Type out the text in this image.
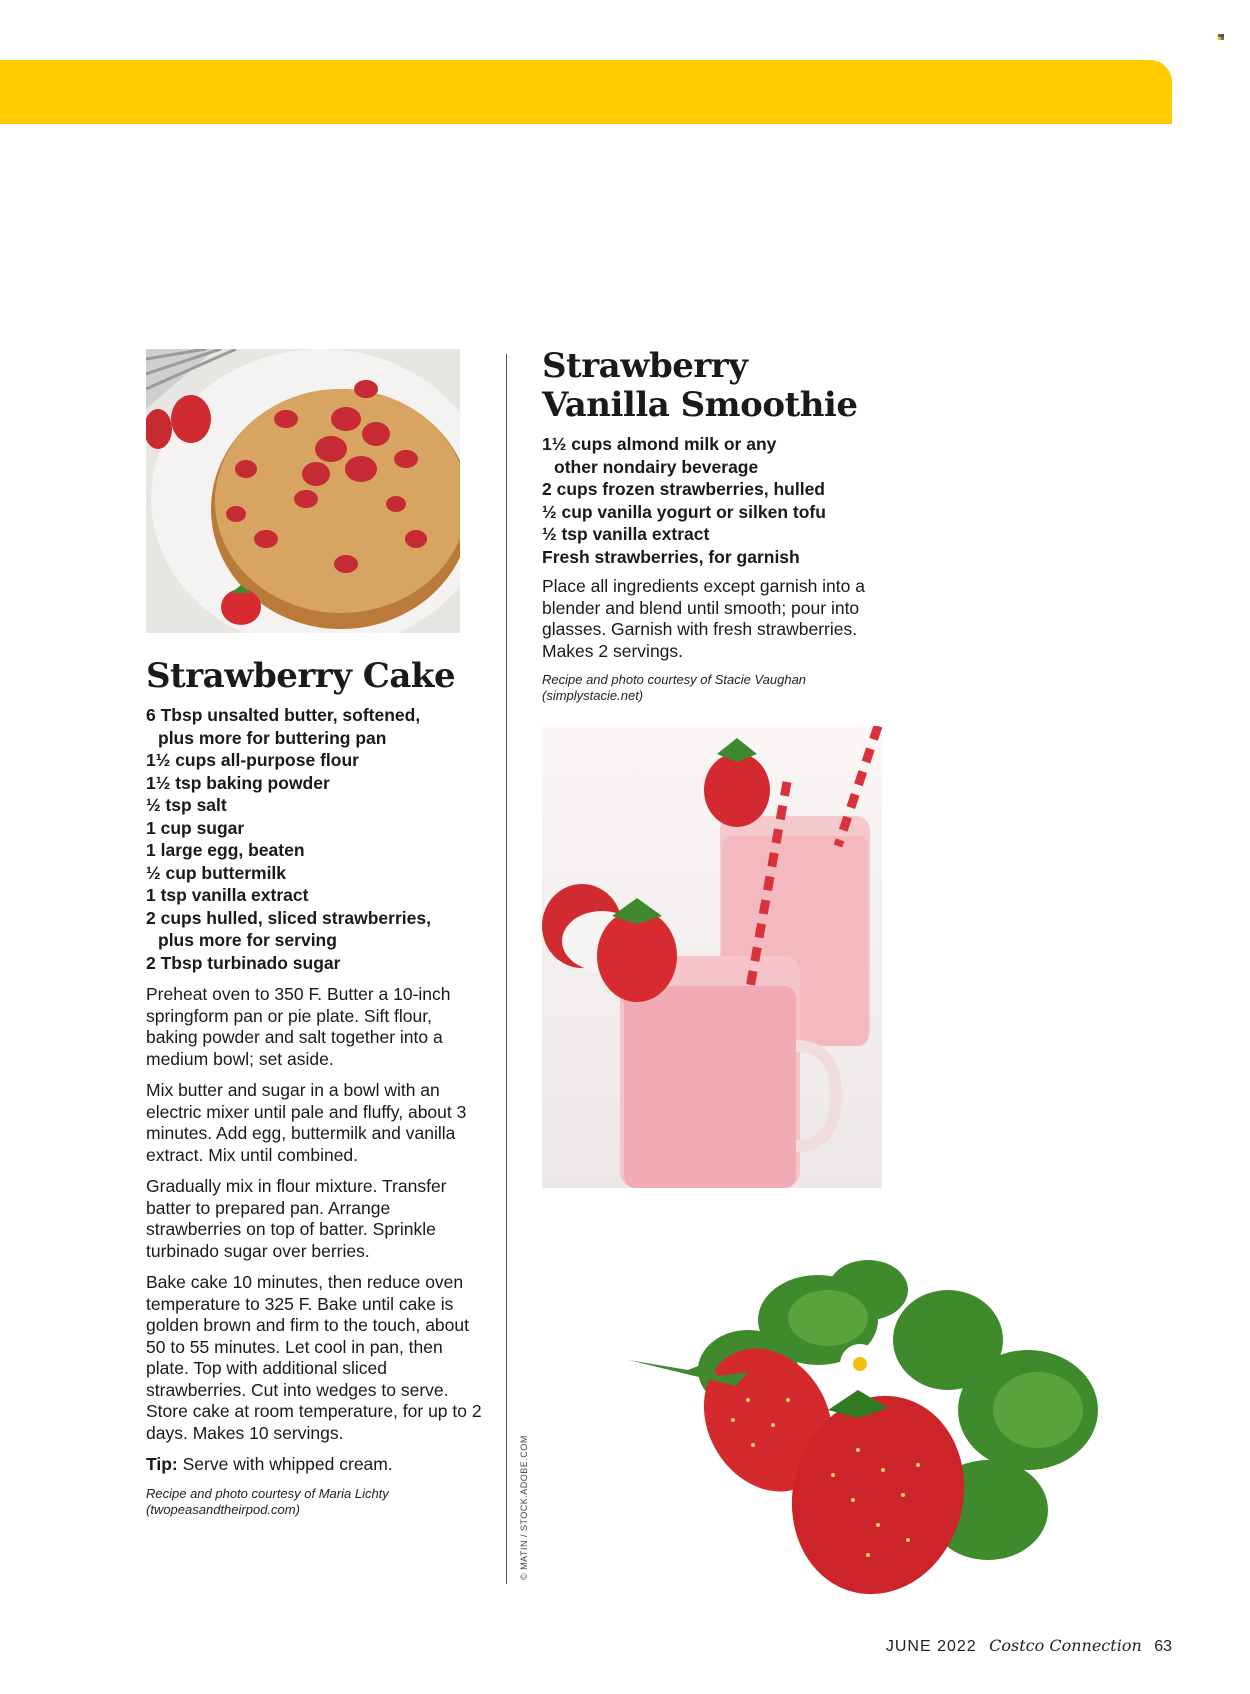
Strawberry Cake
6 Tbsp unsalted butter, softened,
plus more for buttering pan
1½ cups all-purpose flour
1½ tsp baking powder
½ tsp salt
1 cup sugar
1 large egg, beaten
½ cup buttermilk
1 tsp vanilla extract
2 cups hulled, sliced strawberries,
plus more for serving
2 Tbsp turbinado sugar

Preheat oven to 350 F. Butter a 10-inch springform pan or pie plate. Sift flour, baking powder and salt together into a medium bowl; set aside.

Mix butter and sugar in a bowl with an electric mixer until pale and fluffy, about 3 minutes. Add egg, buttermilk and vanilla extract. Mix until combined.

Gradually mix in flour mixture. Transfer batter to prepared pan. Arrange strawberries on top of batter. Sprinkle turbinado sugar over berries.

Bake cake 10 minutes, then reduce oven temperature to 325 F. Bake until cake is golden brown and firm to the touch, about 50 to 55 minutes. Let cool in pan, then plate. Top with additional sliced strawberries. Cut into wedges to serve. Store cake at room temperature, for up to 2 days. Makes 10 servings.

Tip: Serve with whipped cream.

Recipe and photo courtesy of Maria Lichty
(twopeasandtheirpod.com)	© MATIN / STOCK.ADOBE.COM
Strawberry
Vanilla Smoothie
1½ cups almond milk or any
other nondairy beverage
2 cups frozen strawberries, hulled
½ cup vanilla yogurt or silken tofu
½ tsp vanilla extract
Fresh strawberries, for garnish

Place all ingredients except garnish into a blender and blend until smooth; pour into glasses. Garnish with fresh strawberries. Makes 2 servings.

Recipe and photo courtesy of Stacie Vaughan
(simplystacie.net)
JUNE 2022 Costco Connection 63
